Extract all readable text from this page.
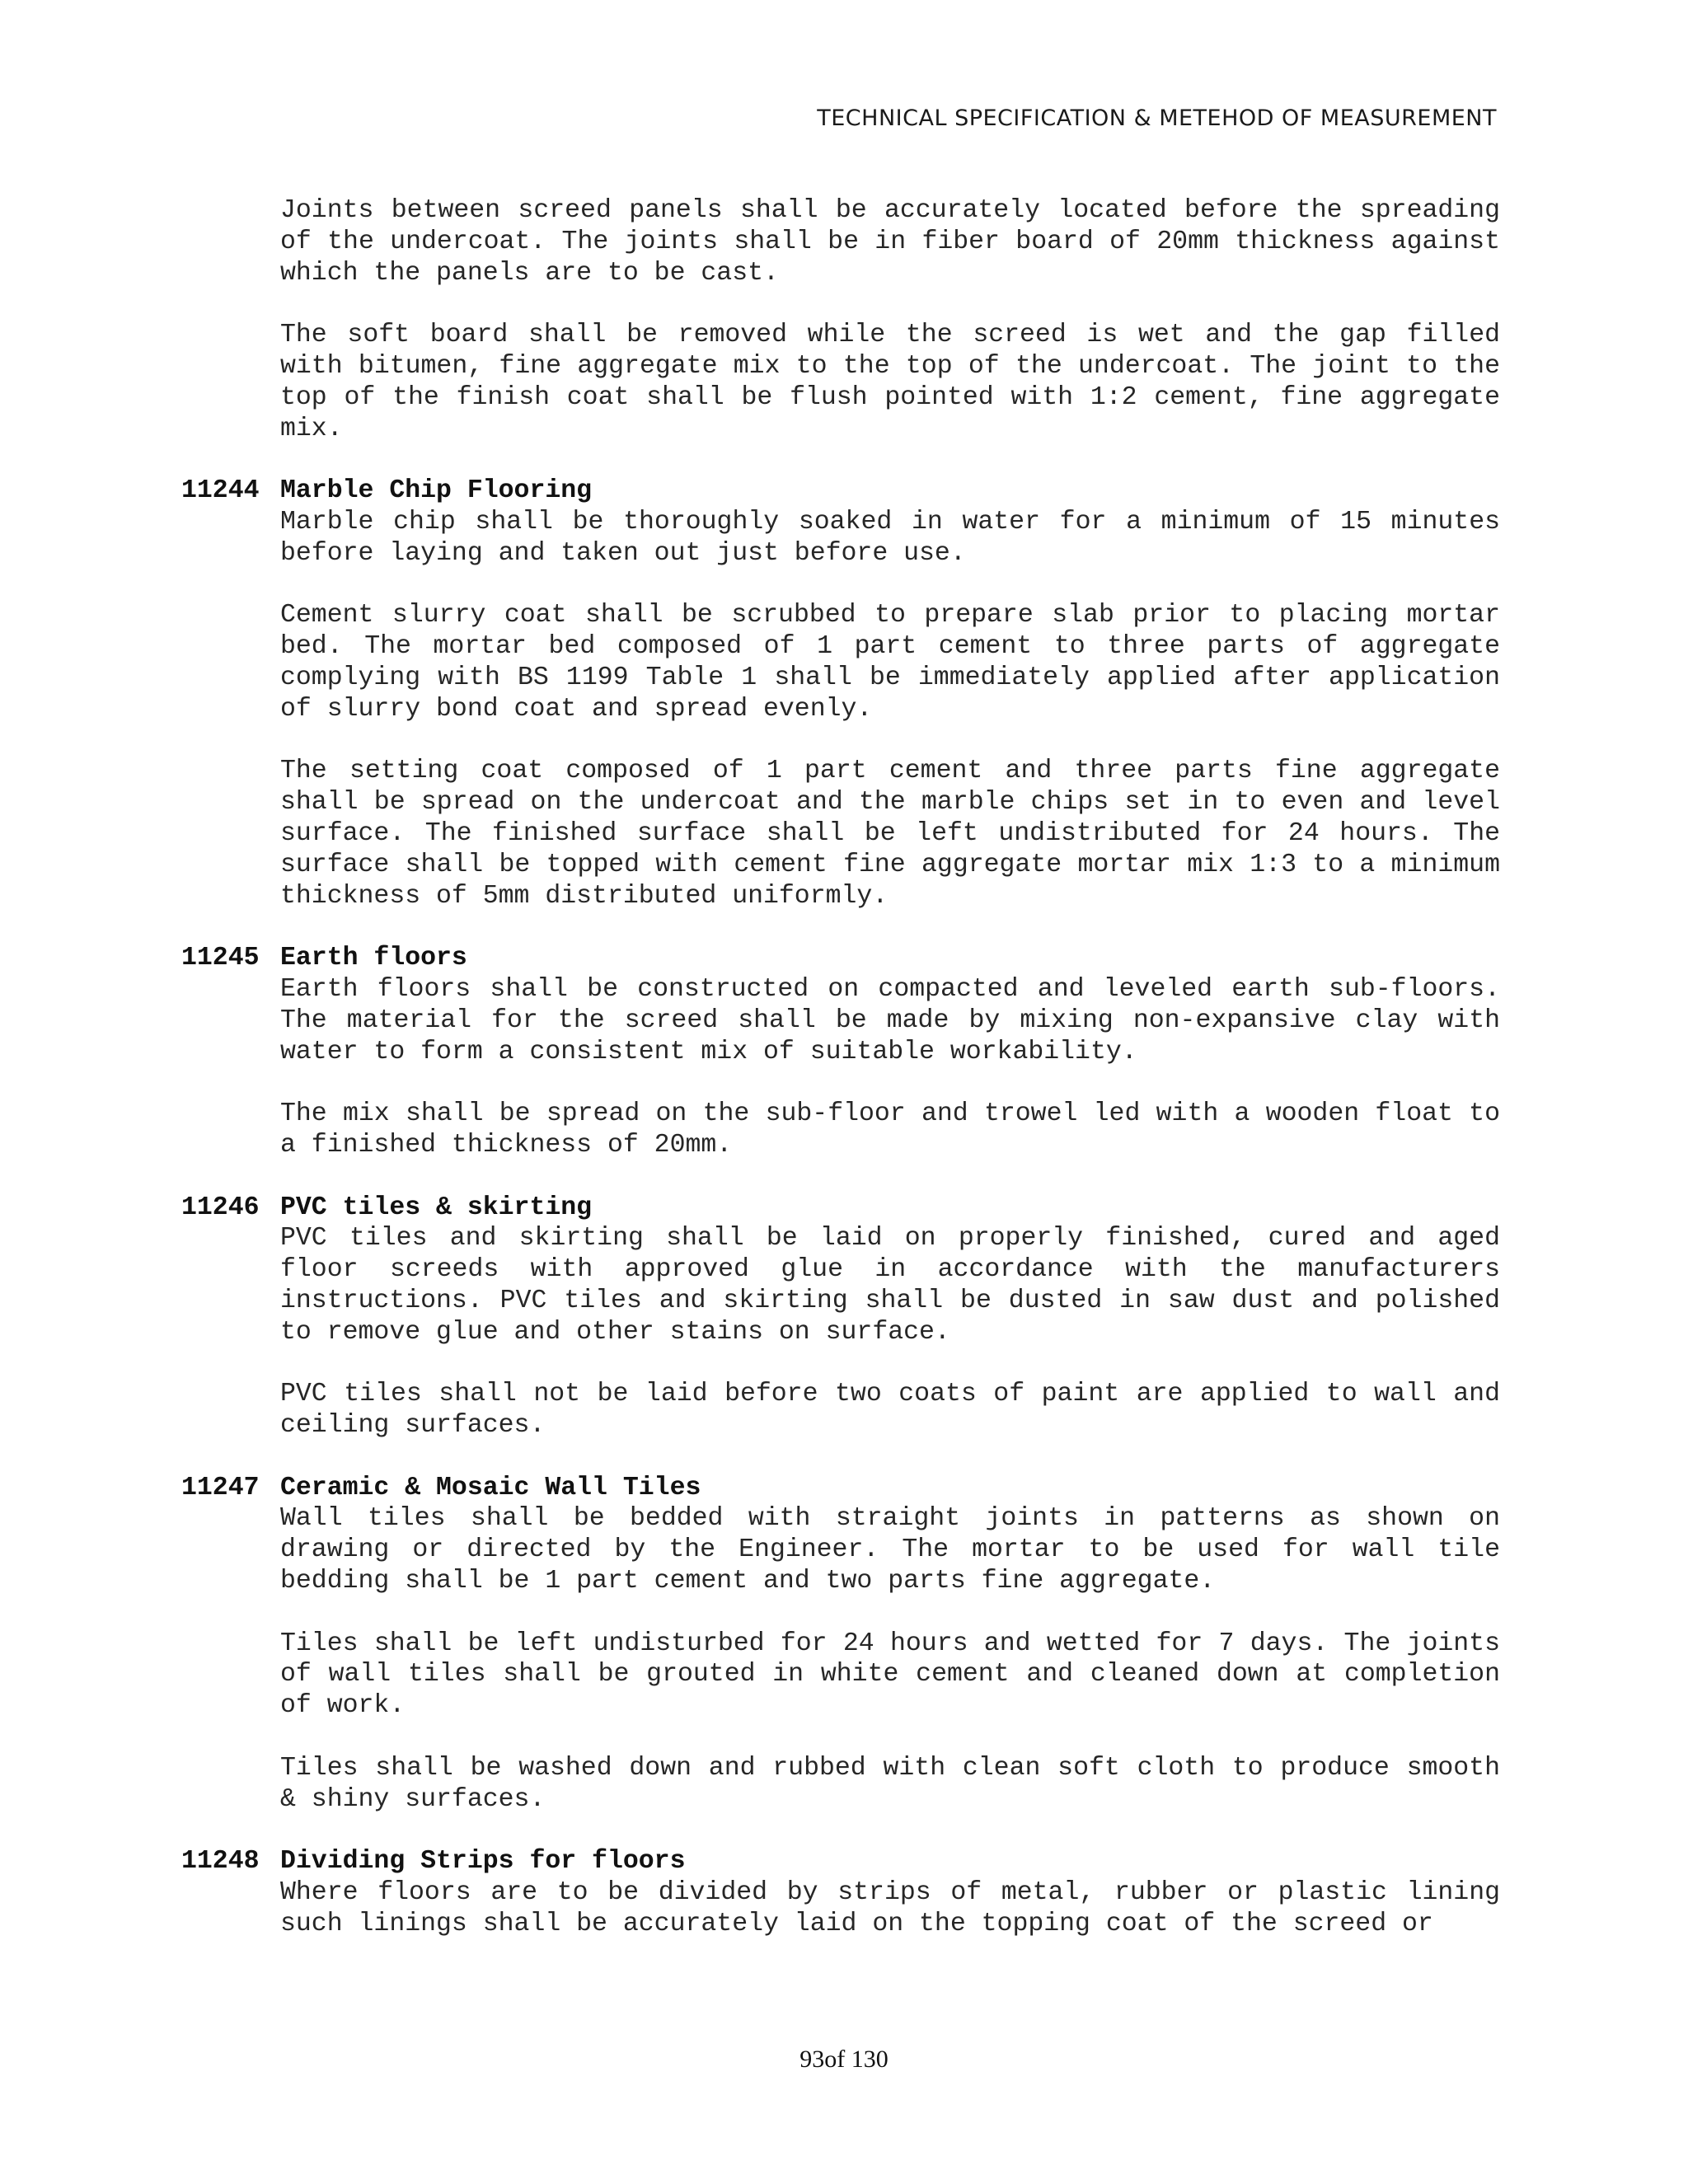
TECHNICAL SPECIFICATION & METEHOD OF MEASUREMENT

Joints between screed panels shall be accurately located before the spreading of the undercoat. The joints shall be in fiber board of 20mm thickness against which the panels are to be cast.

The soft board shall be removed while the screed is wet and the gap filled with bitumen, fine aggregate mix to the top of the undercoat. The joint to the top of the finish coat shall be flush pointed with 1:2 cement, fine aggregate mix.

11244 Marble Chip Flooring

Marble chip shall be thoroughly soaked in water for a minimum of 15 minutes before laying and taken out just before use.

Cement slurry coat shall be scrubbed to prepare slab prior to placing mortar bed. The mortar bed composed of 1 part cement to three parts of aggregate complying with BS 1199 Table 1 shall be immediately applied after application of slurry bond coat and spread evenly.

The setting coat composed of 1 part cement and three parts fine aggregate shall be spread on the undercoat and the marble chips set in to even and level surface. The finished surface shall be left undistributed for 24 hours. The surface shall be topped with cement fine aggregate mortar mix 1:3 to a minimum thickness of 5mm distributed uniformly.

11245 Earth floors

Earth floors shall be constructed on compacted and leveled earth sub-floors. The material for the screed shall be made by mixing non-expansive clay with water to form a consistent mix of suitable workability.

The mix shall be spread on the sub-floor and trowel led with a wooden float to a finished thickness of 20mm.

11246 PVC tiles & skirting

PVC tiles and skirting shall be laid on properly finished, cured and aged floor screeds with approved glue in accordance with the manufacturers instructions. PVC tiles and skirting shall be dusted in saw dust and polished to remove glue and other stains on surface.

PVC tiles shall not be laid before two coats of paint are applied to wall and ceiling surfaces.

11247 Ceramic & Mosaic Wall Tiles

Wall tiles shall be bedded with straight joints in patterns as shown on drawing or directed by the Engineer. The mortar to be used for wall tile bedding shall be 1 part cement and two parts fine aggregate.

Tiles shall be left undisturbed for 24 hours and wetted for 7 days. The joints of wall tiles shall be grouted in white cement and cleaned down at completion of work.

Tiles shall be washed down and rubbed with clean soft cloth to produce smooth & shiny surfaces.

11248 Dividing Strips for floors

Where floors are to be divided by strips of metal, rubber or plastic lining such linings shall be accurately laid on the topping coat of the screed or

93of 130
